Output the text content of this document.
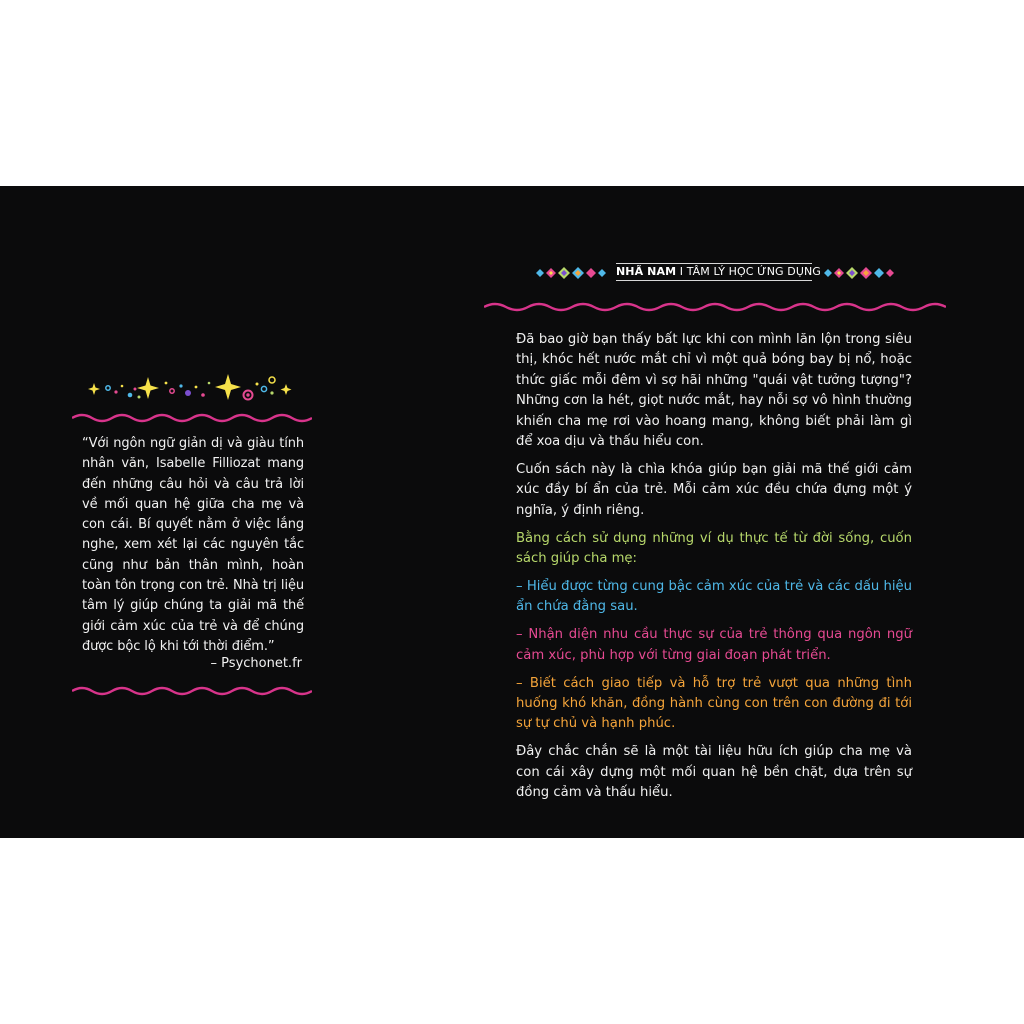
“Với ngôn ngữ giản dị và giàu tính nhân văn, Isabelle Filliozat mang đến những câu hỏi và câu trả lời về mối quan hệ giữa cha mẹ và con cái. Bí quyết nằm ở việc lắng nghe, xem xét lại các nguyên tắc cũng như bản thân mình, hoàn toàn tôn trọng con trẻ. Nhà trị liệu tâm lý giúp chúng ta giải mã thế giới cảm xúc của trẻ và để chúng được bộc lộ khi tới thời điểm.”
– Psychonet.fr
NHÃ NAM I TÂM LÝ HỌC ỨNG DỤNG

Đã bao giờ bạn thấy bất lực khi con mình lăn lộn trong siêu thị, khóc hết nước mắt chỉ vì một quả bóng bay bị nổ, hoặc thức giấc mỗi đêm vì sợ hãi những "quái vật tưởng tượng"? Những cơn la hét, giọt nước mắt, hay nỗi sợ vô hình thường khiến cha mẹ rơi vào hoang mang, không biết phải làm gì để xoa dịu và thấu hiểu con.

Cuốn sách này là chìa khóa giúp bạn giải mã thế giới cảm xúc đầy bí ẩn của trẻ. Mỗi cảm xúc đều chứa đựng một ý nghĩa, ý định riêng.

Bằng cách sử dụng những ví dụ thực tế từ đời sống, cuốn sách giúp cha mẹ:

– Hiểu được từng cung bậc cảm xúc của trẻ và các dấu hiệu ẩn chứa đằng sau.

– Nhận diện nhu cầu thực sự của trẻ thông qua ngôn ngữ cảm xúc, phù hợp với từng giai đoạn phát triển.

– Biết cách giao tiếp và hỗ trợ trẻ vượt qua những tình huống khó khăn, đồng hành cùng con trên con đường đi tới sự tự chủ và hạnh phúc.

Đây chắc chắn sẽ là một tài liệu hữu ích giúp cha mẹ và con cái xây dựng một mối quan hệ bền chặt, dựa trên sự đồng cảm và thấu hiểu.
